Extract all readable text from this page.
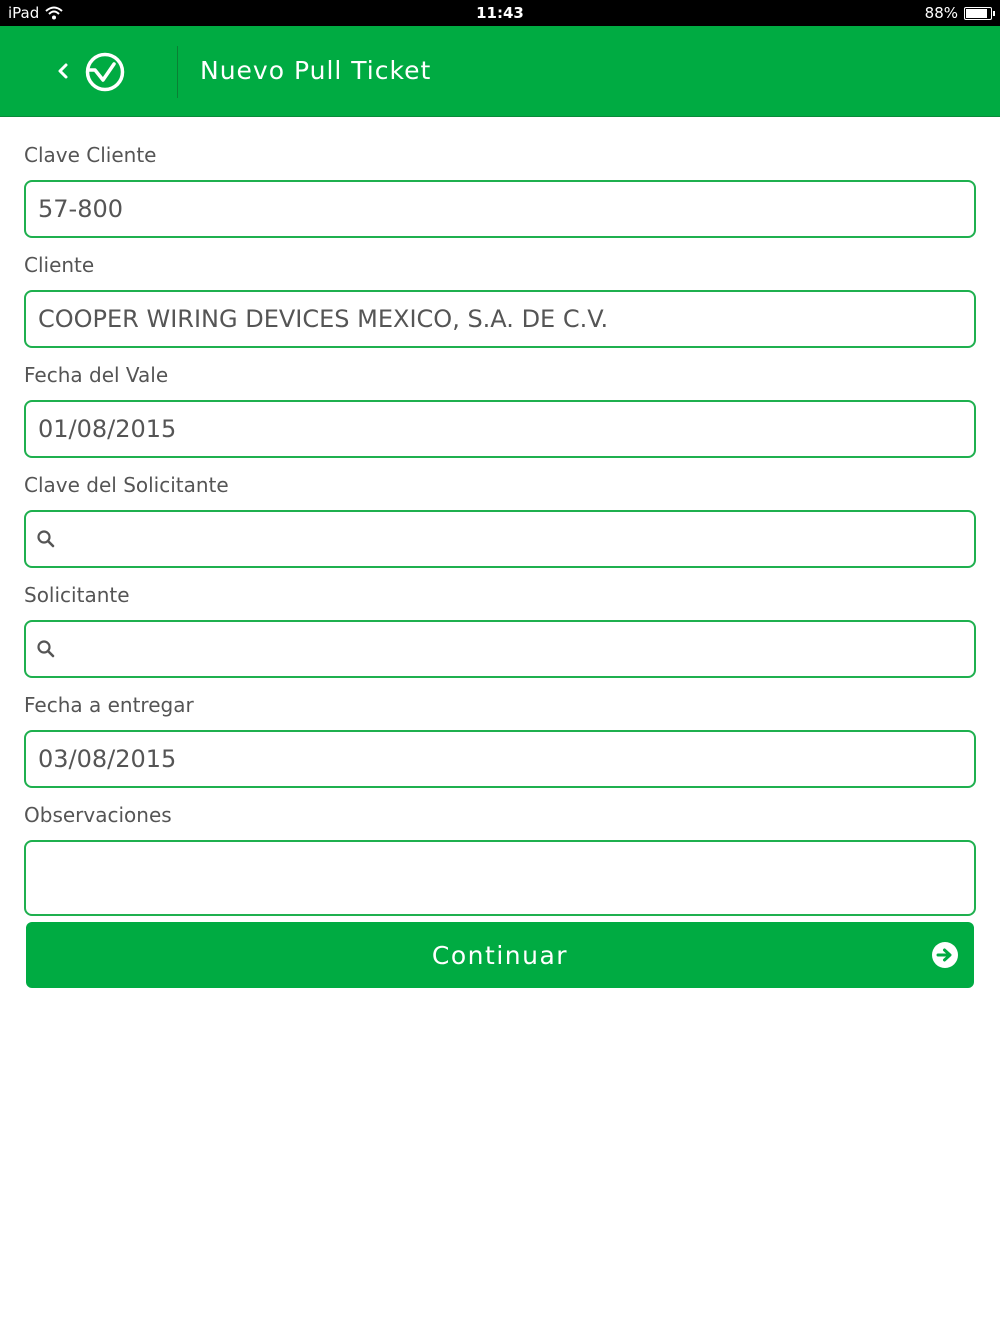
iPad	11:43	88%
Nuevo Pull Ticket
Clave Cliente
57-800
Cliente
COOPER WIRING DEVICES MEXICO, S.A. DE C.V.
Fecha del Vale
01/08/2015
Clave del Solicitante
Solicitante
Fecha a entregar
03/08/2015
Observaciones
Continuar
